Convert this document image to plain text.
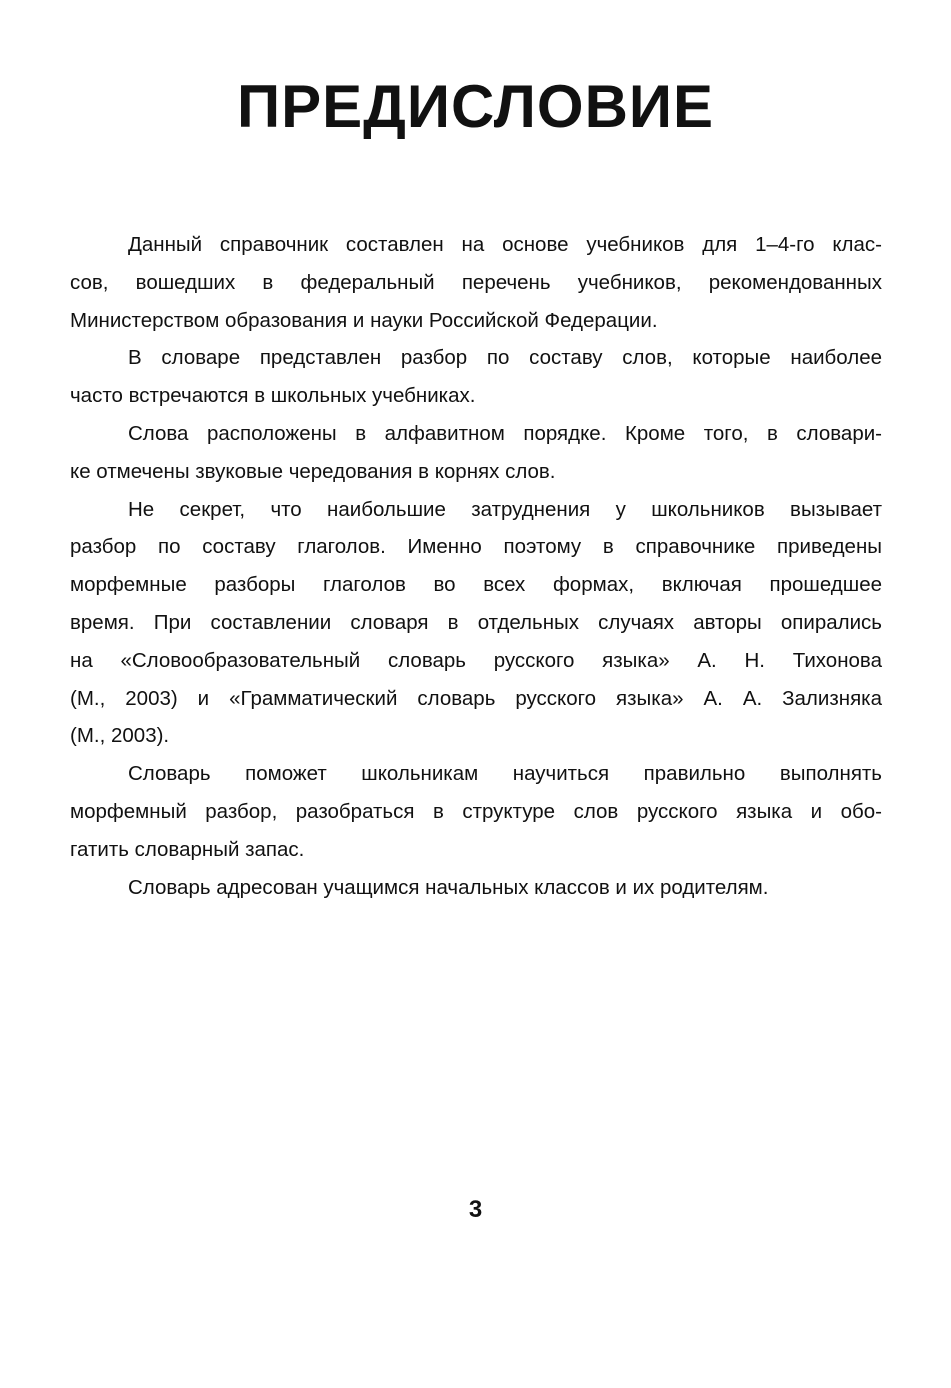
ПРЕДИСЛОВИЕ
Данный справочник составлен на основе учебников для 1–4-го клас-
сов, вошедших в федеральный перечень учебников, рекомендованных
Министерством образования и науки Российской Федерации.
В словаре представлен разбор по составу слов, которые наиболее
часто встречаются в школьных учебниках.
Слова расположены в алфавитном порядке. Кроме того, в словари-
ке отмечены звуковые чередования в корнях слов.
Не секрет, что наибольшие затруднения у школьников вызывает
разбор по составу глаголов. Именно поэтому в справочнике приведены
морфемные разборы глаголов во всех формах, включая прошедшее
время. При составлении словаря в отдельных случаях авторы опирались
на «Словообразовательный словарь русского языка» А. Н. Тихонова
(М., 2003) и «Грамматический словарь русского языка» А. А. Зализняка
(М., 2003).
Словарь поможет школьникам научиться правильно выполнять
морфемный разбор, разобраться в структуре слов русского языка и обо-
гатить словарный запас.
Словарь адресован учащимся начальных классов и их родителям.
3
